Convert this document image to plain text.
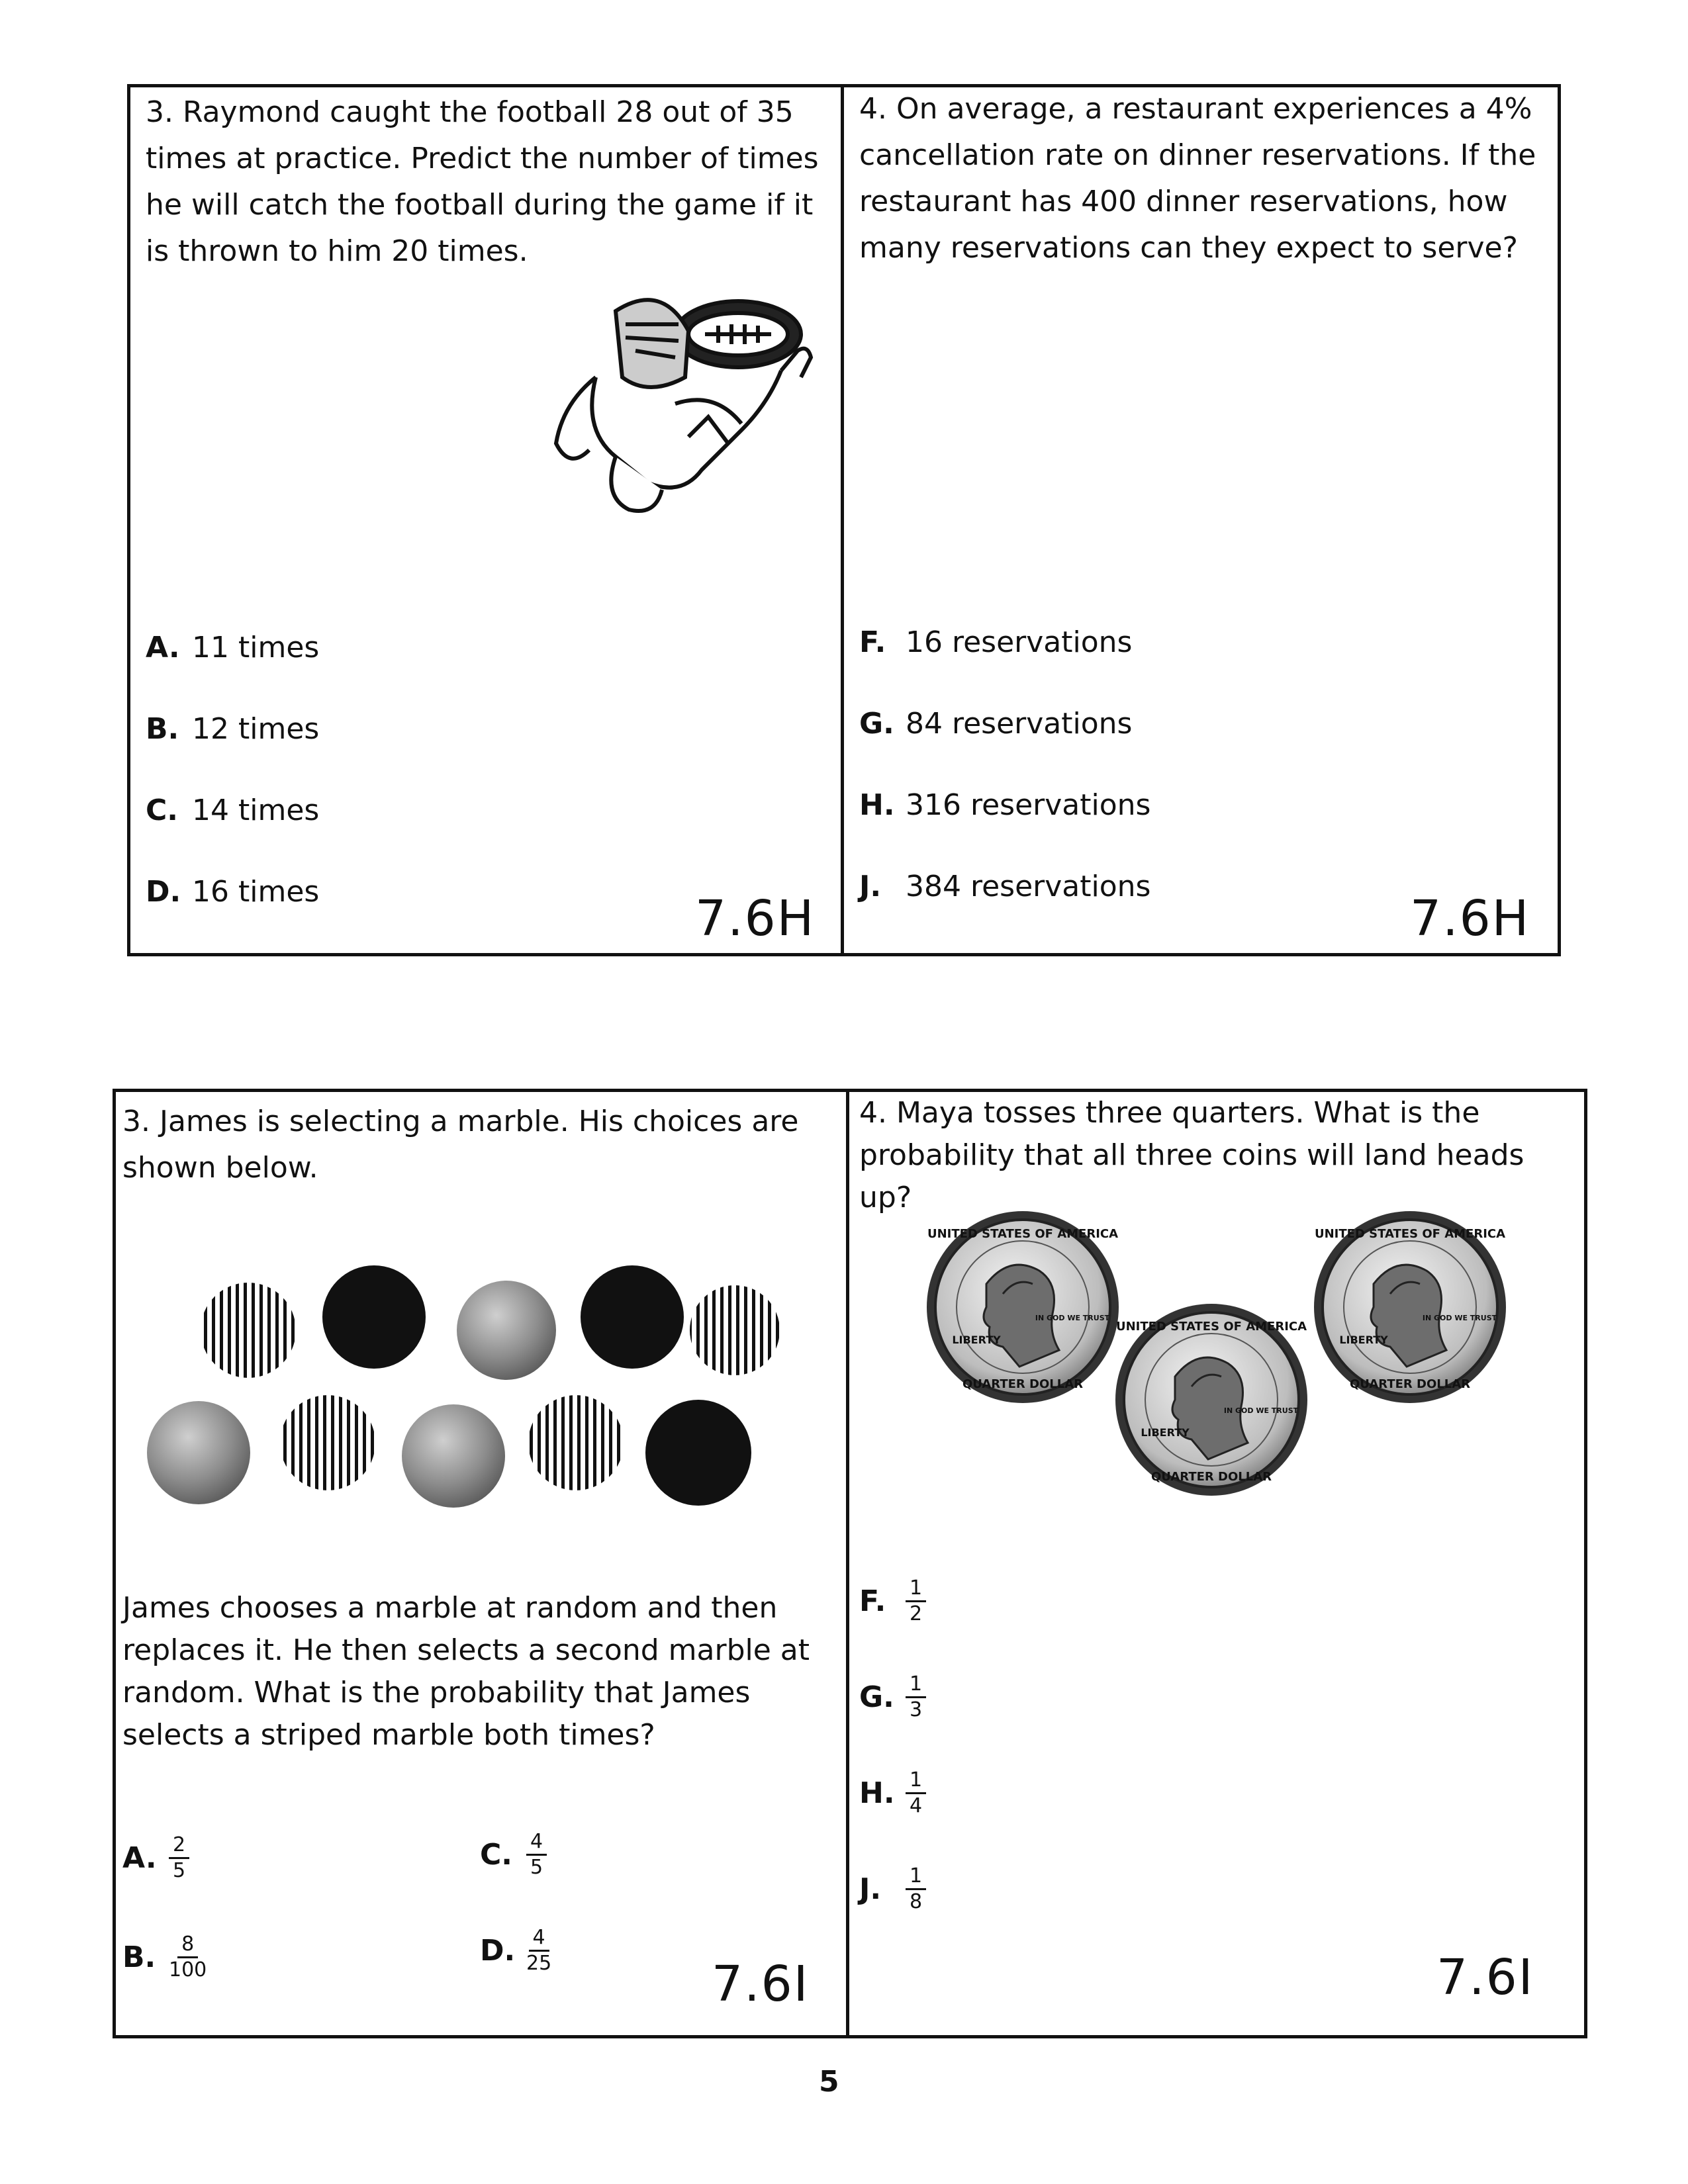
3. Raymond caught the football 28 out of 35 times at practice. Predict the number of times he will catch the football during the game if it is thrown to him 20 times.
A. 11 times
B. 12 times
C. 14 times
D. 16 times	7.6H
4. On average, a restaurant experiences a 4% cancellation rate on dinner reservations. If the restaurant has 400 dinner reservations, how many reservations can they expect to serve?
F. 16 reservations
G. 84 reservations
H. 316 reservations
J. 384 reservations
7.6H
3. James is selecting a marble. His choices are shown below.
James chooses a marble at random and then replaces it. He then selects a second marble at random. What is the probability that James selects a striped marble both times?
A. $\frac{2}{5}$
B. $\frac{8}{100}$
C. $\frac{4}{5}$
D. $\frac{4}{25}$
7.6I
4. Maya tosses three quarters. What is the probability that all three coins will land heads up?
UNITED STATES OF AMERICA
LIBERTY
IN GOD WE TRUST
QUARTER DOLLAR
UNITED STATES OF AMERICA
LIBERTY
IN GOD WE TRUST
QUARTER DOLLAR
UNITED STATES OF AMERICA
LIBERTY
IN GOD WE TRUST
QUARTER DOLLAR
F. $\frac{1}{2}$
G. $\frac{1}{3}$
H. $\frac{1}{4}$
J.	$\frac{1}{8}$
7.6I
5
